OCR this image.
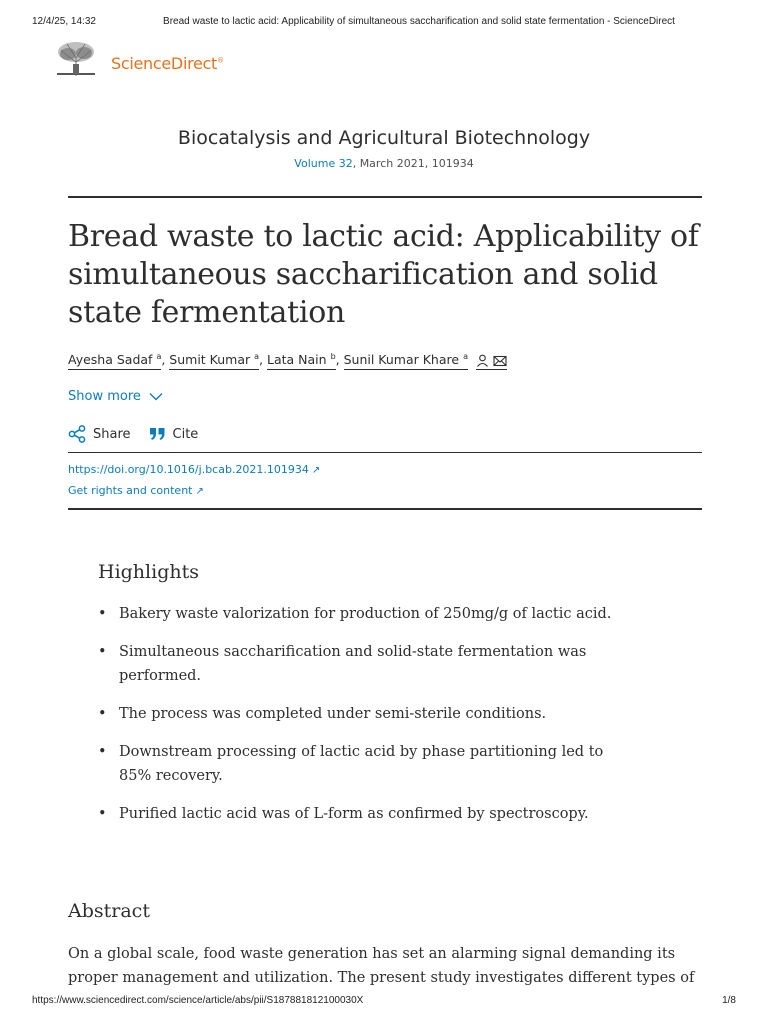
12/4/25, 14:32	Bread waste to lactic acid: Applicability of simultaneous saccharification and solid state fermentation - ScienceDirect
ScienceDirect®
Biocatalysis and Agricultural Biotechnology
Volume 32, March 2021, 101934
Bread waste to lactic acid: Applicability of simultaneous saccharification and solid state fermentation
Ayesha Sadaf $^a$, Sumit Kumar $^a$, Lata Nain $^b$, Sunil Kumar Khare $^a$
Show more
Share	Cite
https://doi.org/10.1016/j.bcab.2021.101934 ↗
Get rights and content ↗
Highlights
• Bakery waste valorization for production of 250mg/g of lactic acid.
• Simultaneous saccharification and solid-state fermentation was performed.
• The process was completed under semi-sterile conditions.
• Downstream processing of lactic acid by phase partitioning led to 85% recovery.
• Purified lactic acid was of L-form as confirmed by spectroscopy.
Abstract

On a global scale, food waste generation has set an alarming signal demanding its proper management and utilization. The present study investigates different types of

https://www.sciencedirect.com/science/article/abs/pii/S187881812100030X	1/8
